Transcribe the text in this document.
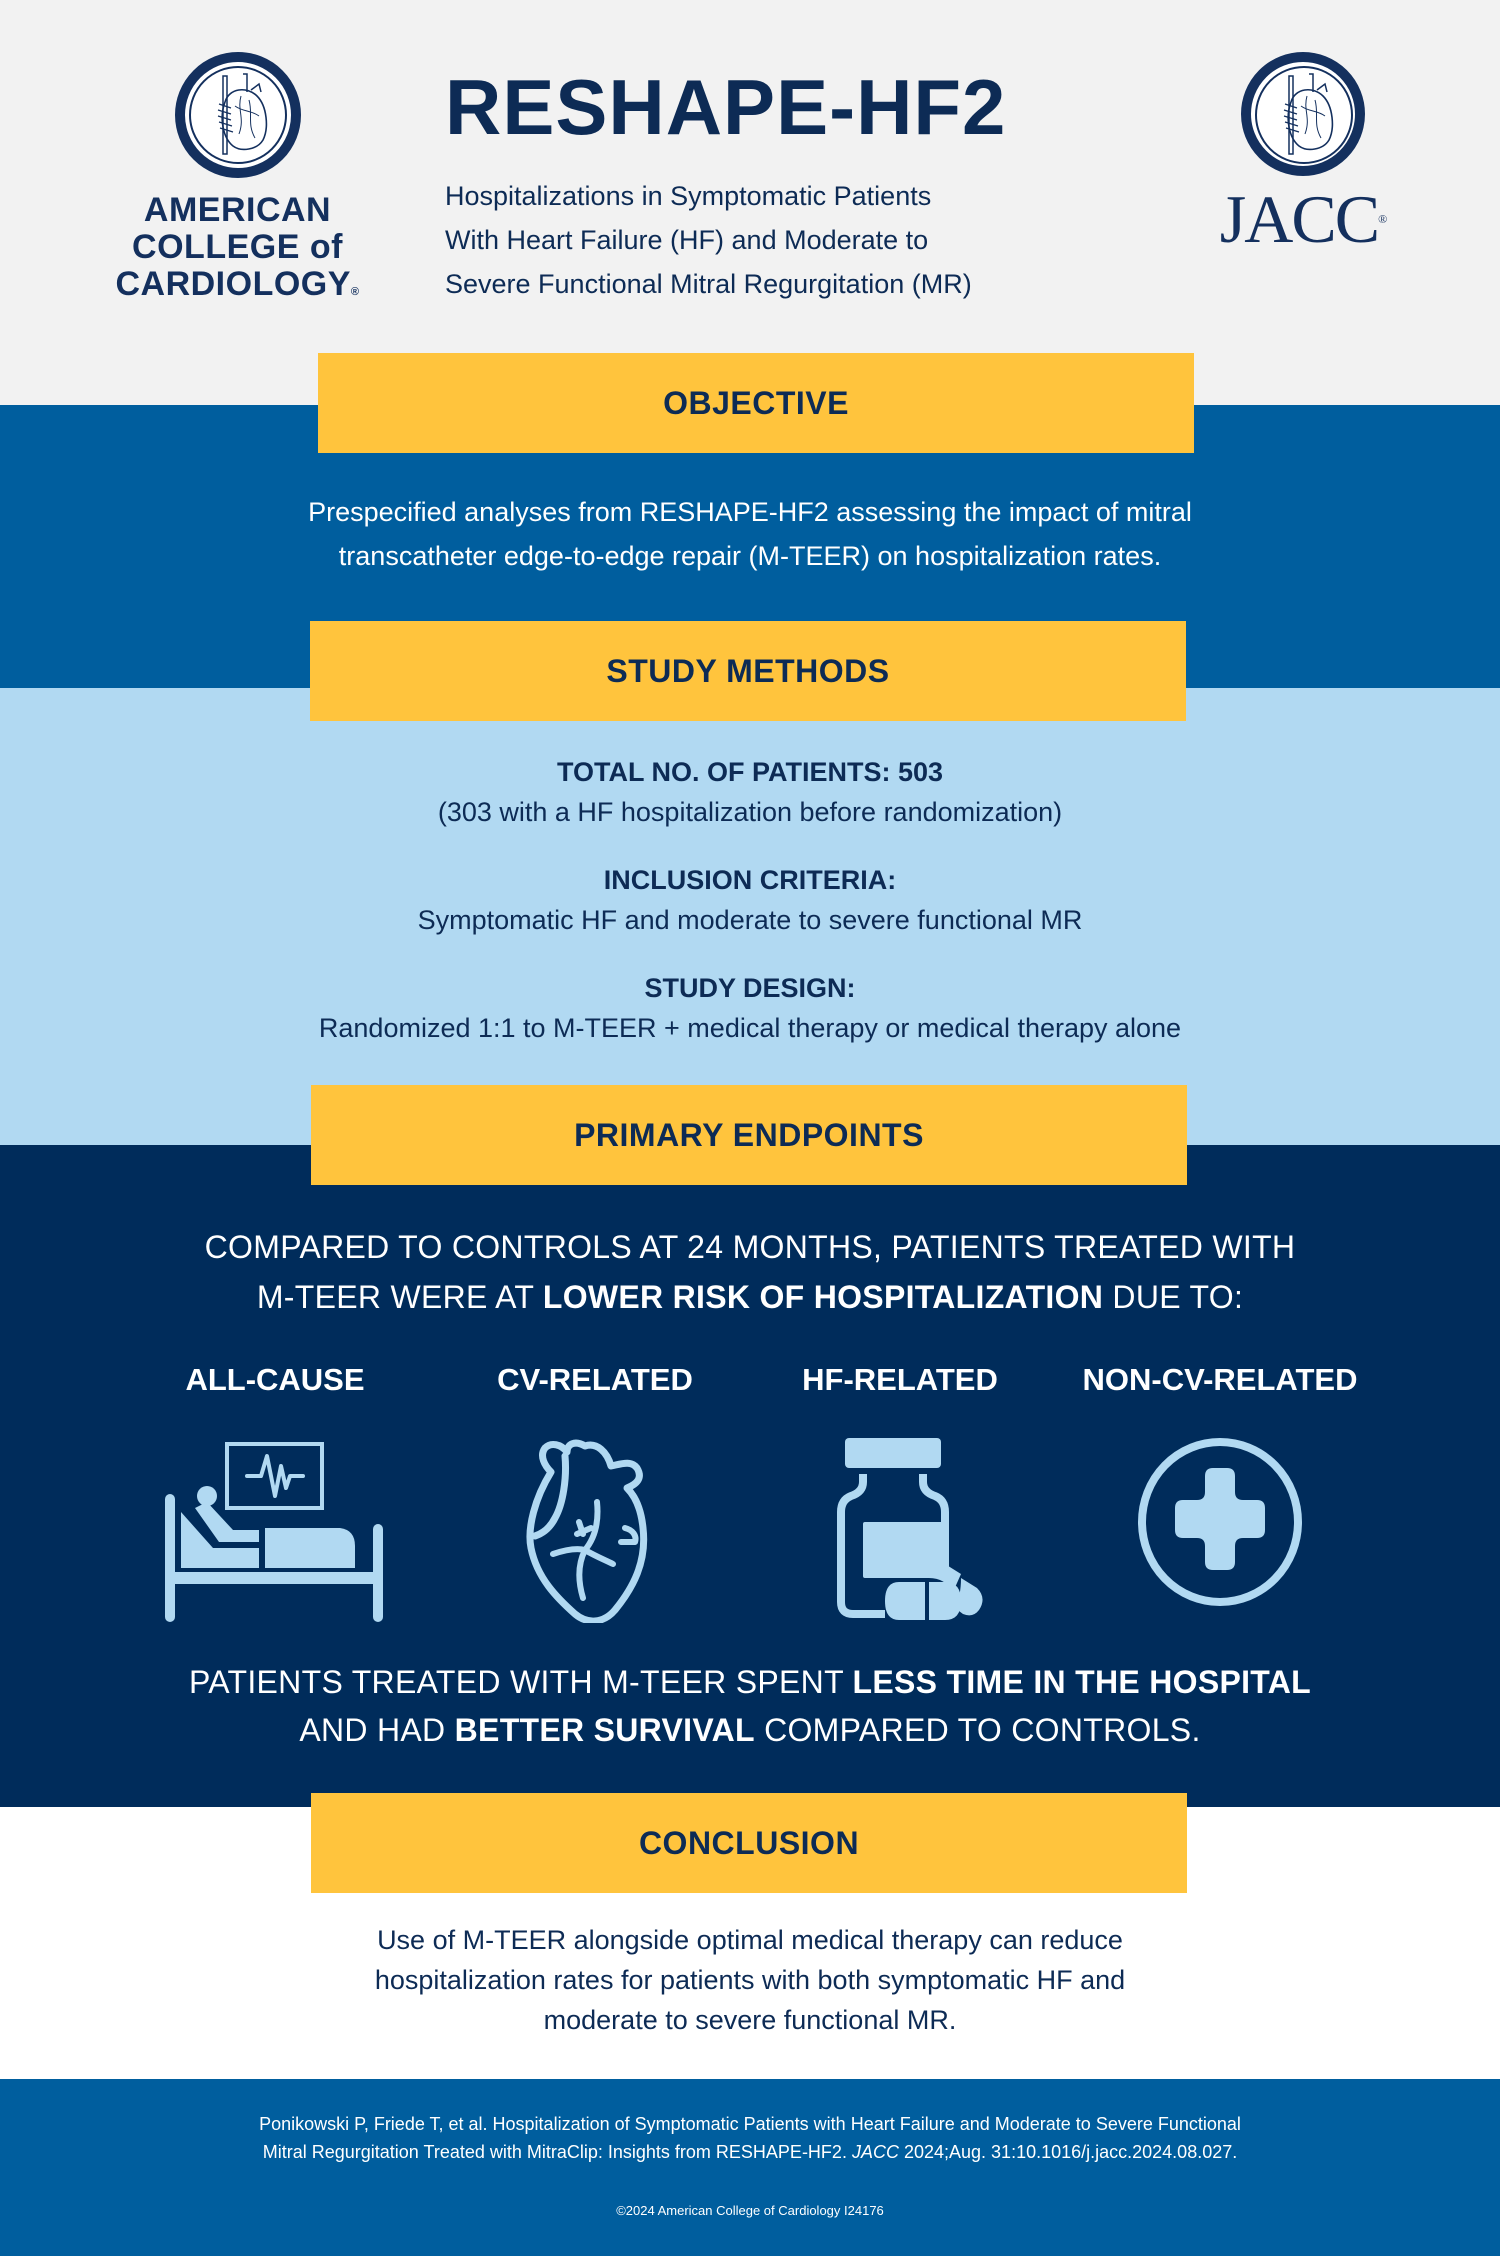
AMERICAN
COLLEGE of
CARDIOLOGY®
RESHAPE-HF2
Hospitalizations in Symptomatic Patients
With Heart Failure (HF) and Moderate to
Severe Functional Mitral Regurgitation (MR)
JACC®
OBJECTIVE
Prespecified analyses from RESHAPE-HF2 assessing the impact of mitral
transcatheter edge-to-edge repair (M-TEER) on hospitalization rates.
STUDY METHODS
TOTAL NO. OF PATIENTS: 503
(303 with a HF hospitalization before randomization)
INCLUSION CRITERIA:
Symptomatic HF and moderate to severe functional MR
STUDY DESIGN:
Randomized 1:1 to M-TEER + medical therapy or medical therapy alone
PRIMARY ENDPOINTS
COMPARED TO CONTROLS AT 24 MONTHS, PATIENTS TREATED WITH
M-TEER WERE AT LOWER RISK OF HOSPITALIZATION DUE TO:
ALL-CAUSE	CV-RELATED	HF-RELATED	NON-CV-RELATED
PATIENTS TREATED WITH M-TEER SPENT LESS TIME IN THE HOSPITAL
AND HAD BETTER SURVIVAL COMPARED TO CONTROLS.
CONCLUSION
Use of M-TEER alongside optimal medical therapy can reduce
hospitalization rates for patients with both symptomatic HF and
moderate to severe functional MR.
Ponikowski P, Friede T, et al. Hospitalization of Symptomatic Patients with Heart Failure and Moderate to Severe Functional
Mitral Regurgitation Treated with MitraClip: Insights from RESHAPE-HF2. JACC 2024;Aug. 31:10.1016/j.jacc.2024.08.027.
©2024 American College of Cardiology I24176
